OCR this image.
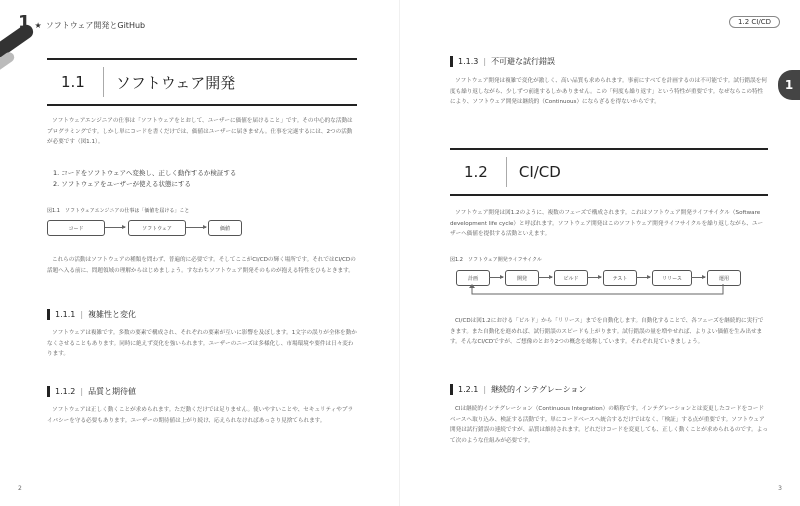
1 ★ ソフトウェア開発とGitHub
1.1	ソフトウェア開発

ソフトウェアエンジニアの仕事は「ソフトウェアをとおして、ユーザーに価値を届けること」です。その中心的な活動はプログラミングです。しかし単にコードを書くだけでは、価値はユーザーに届きません。仕事を完遂するには、2つの活動が必要です（図1.1）。

1. コードをソフトウェアへ変換し、正しく動作するか検証する
2. ソフトウェアをユーザーが使える状態にする
図1.1　ソフトウェアエンジニアの仕事は「価値を届ける」こと
コード	ソフトウェア	価値

これらの活動はソフトウェアの種類を問わず、普遍的に必要です。そしてここがCI/CDの輝く場所です。それではCI/CDの話題へ入る前に、問題領域の理解からはじめましょう。すなわちソフトウェア開発そのものが抱える特性をひもときます。

1.1.1 | 複雑性と変化

ソフトウェアは複雑です。多数の要素で構成され、それぞれの要素が互いに影響を及ぼします。1文字の誤りが全体を動かなくさせることもあります。同時に絶えず変化を強いられます。ユーザーのニーズは多様化し、市場環境や要件は日々変わります。

1.1.2 | 品質と期待値

ソフトウェアは正しく動くことが求められます。ただ動くだけでは足りません。使いやすいことや、セキュリティやプライバシーを守る必要もあります。ユーザーの期待値は上がり続け、応えられなければあっさり見捨てられます。

2
1.2 CI/CD
1
1.1.3 | 不可避な試行錯誤

ソフトウェア開発は複雑で変化が激しく、高い品質も求められます。事前にすべてを計画するのは不可能です。試行錯誤を何度も繰り返しながら、少しずつ前進するしかありません。この「何度も繰り返す」という特性が重要です。なぜならこの特性により、ソフトウェア開発は継続的（Continuous）にならざるを得ないからです。

1.2	CI/CD

ソフトウェア開発は図1.2のように、複数のフェーズで構成されます。これはソフトウェア開発ライフサイクル（Software development life cycle）と呼ばれます。ソフトウェア開発はこのソフトウェア開発ライフサイクルを繰り返しながら、ユーザーへ価値を提供する活動といえます。

図1.2　ソフトウェア開発ライフサイクル
計画	開発	ビルド	テスト	リリース	運用

CI/CDは図1.2における「ビルド」から「リリース」までを自動化します。自動化することで、各フェーズを継続的に実行できます。また自動化を進めれば、試行錯誤のスピードも上がります。試行錯誤の量を増やせれば、よりよい価値を生み出せます。そんなCI/CDですが、ご想像のとおり2つの概念を総称しています。それぞれ見ていきましょう。

1.2.1 | 継続的インテグレーション

CIは継続的インテグレーション（Continuous Integration）の略称です。インテグレーションとは変更したコードをコードベースへ取り込み、検証する活動です。単にコードベースへ統合するだけではなく、「検証」する点が重要です。ソフトウェア開発は試行錯誤の連続ですが、品質は維持されます。どれだけコードを変更しても、正しく動くことが求められるのです。よって次のような仕組みが必要です。

3
